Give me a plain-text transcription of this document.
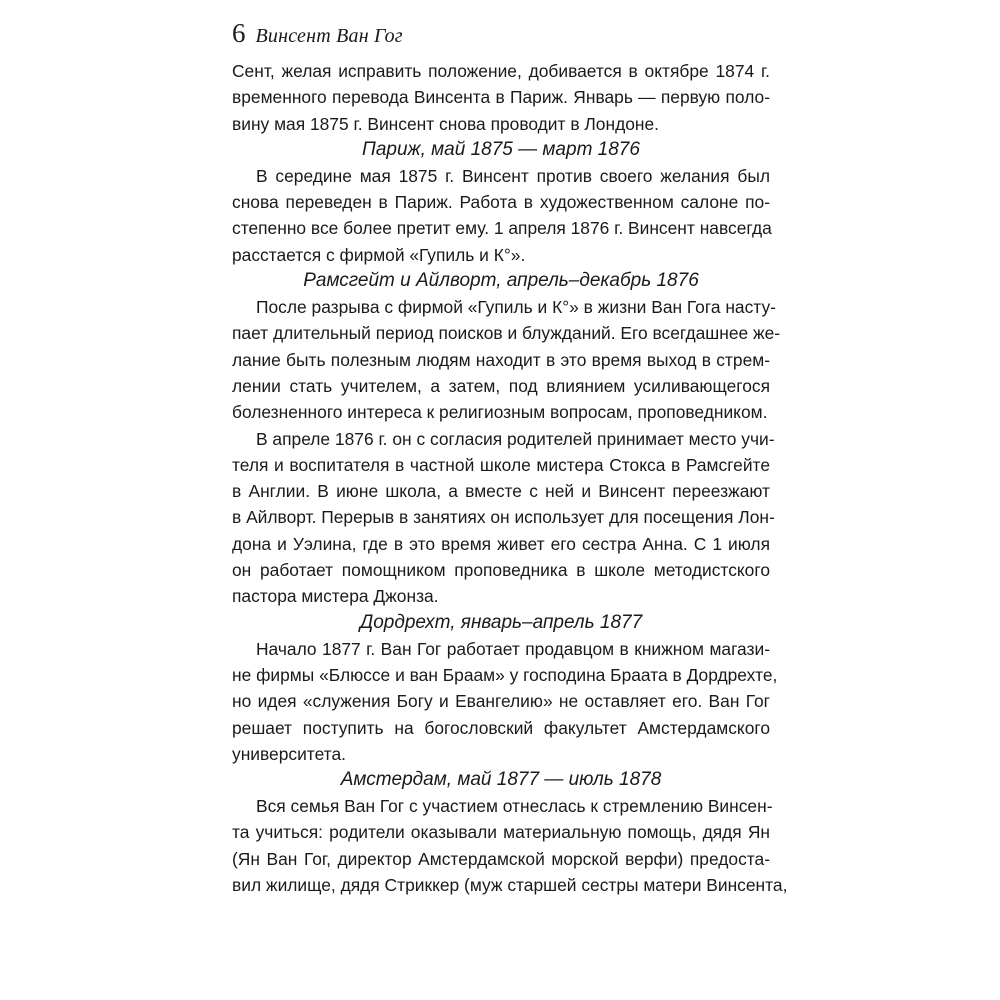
6 Винсент Ван Гог

Сент, желая исправить положение, добивается в октябре 1874 г.
временного перевода Винсента в Париж. Январь — первую поло-
вину мая 1875 г. Винсент снова проводит в Лондоне.

Париж, май 1875 — март 1876

В середине мая 1875 г. Винсент против своего желания был
снова переведен в Париж. Работа в художественном салоне по-
степенно все более претит ему. 1 апреля 1876 г. Винсент навсегда
расстается с фирмой «Гупиль и К°».

Рамсгейт и Айлворт, апрель–декабрь 1876

После разрыва с фирмой «Гупиль и К°» в жизни Ван Гога насту-
пает длительный период поисков и блужданий. Его всегдашнее же-
лание быть полезным людям находит в это время выход в стрем-
лении стать учителем, а затем, под влиянием усиливающегося
болезненного интереса к религиозным вопросам, проповедником.

В апреле 1876 г. он с согласия родителей принимает место учи-
теля и воспитателя в частной школе мистера Стокса в Рамсгейте
в Англии. В июне школа, а вместе с ней и Винсент переезжают
в Айлворт. Перерыв в занятиях он использует для посещения Лон-
дона и Уэлина, где в это время живет его сестра Анна. С 1 июля
он работает помощником проповедника в школе методистского
пастора мистера Джонза.

Дордрехт, январь–апрель 1877

Начало 1877 г. Ван Гог работает продавцом в книжном магази-
не фирмы «Блюссе и ван Браам» у господина Браата в Дордрехте,
но идея «служения Богу и Евангелию» не оставляет его. Ван Гог
решает поступить на богословский факультет Амстердамского
университета.

Амстердам, май 1877 — июль 1878

Вся семья Ван Гог с участием отнеслась к стремлению Винсен-
та учиться: родители оказывали материальную помощь, дядя Ян
(Ян Ван Гог, директор Амстердамской морской верфи) предоста-
вил жилище, дядя Стриккер (муж старшей сестры матери Винсента,
